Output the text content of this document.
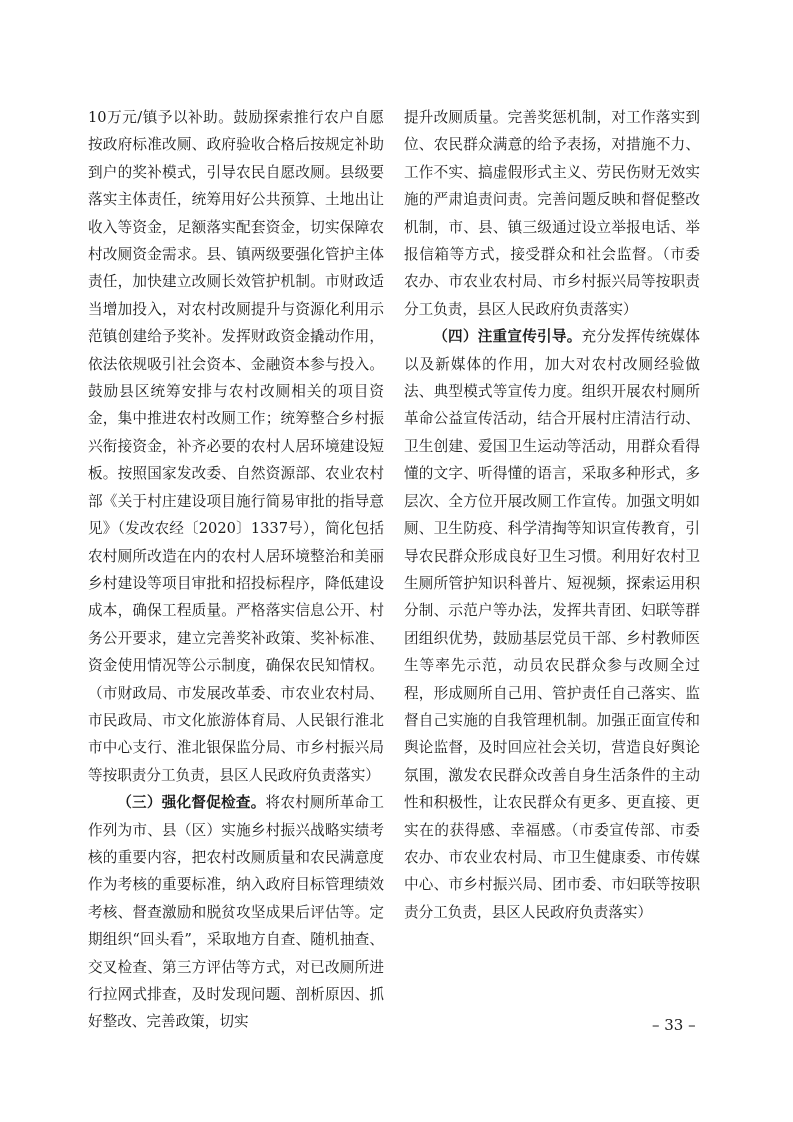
10万元/镇予以补助。鼓励探索推行农户自愿按政府标准改厕、政府验收合格后按规定补助到户的奖补模式，引导农民自愿改厕。县级要落实主体责任，统筹用好公共预算、土地出让收入等资金，足额落实配套资金，切实保障农村改厕资金需求。县、镇两级要强化管护主体责任，加快建立改厕长效管护机制。市财政适当增加投入，对农村改厕提升与资源化利用示范镇创建给予奖补。发挥财政资金撬动作用，依法依规吸引社会资本、金融资本参与投入。鼓励县区统筹安排与农村改厕相关的项目资金，集中推进农村改厕工作；统筹整合乡村振兴衔接资金，补齐必要的农村人居环境建设短板。按照国家发改委、自然资源部、农业农村部《关于村庄建设项目施行简易审批的指导意见》（发改农经〔2020〕1337号），简化包括农村厕所改造在内的农村人居环境整治和美丽乡村建设等项目审批和招投标程序，降低建设成本，确保工程质量。严格落实信息公开、村务公开要求，建立完善奖补政策、奖补标准、资金使用情况等公示制度，确保农民知情权。（市财政局、市发展改革委、市农业农村局、市民政局、市文化旅游体育局、人民银行淮北市中心支行、淮北银保监分局、市乡村振兴局等按职责分工负责，县区人民政府负责落实）

（三）强化督促检查。将农村厕所革命工作列为市、县（区）实施乡村振兴战略实绩考核的重要内容，把农村改厕质量和农民满意度作为考核的重要标准，纳入政府目标管理绩效考核、督查激励和脱贫攻坚成果后评估等。定期组织“回头看”，采取地方自查、随机抽查、交叉检查、第三方评估等方式，对已改厕所进行拉网式排查，及时发现问题、剖析原因、抓好整改、完善政策，切实

提升改厕质量。完善奖惩机制，对工作落实到位、农民群众满意的给予表扬，对措施不力、工作不实、搞虚假形式主义、劳民伤财无效实施的严肃追责问责。完善问题反映和督促整改机制，市、县、镇三级通过设立举报电话、举报信箱等方式，接受群众和社会监督。（市委农办、市农业农村局、市乡村振兴局等按职责分工负责，县区人民政府负责落实）

（四）注重宣传引导。充分发挥传统媒体以及新媒体的作用，加大对农村改厕经验做法、典型模式等宣传力度。组织开展农村厕所革命公益宣传活动，结合开展村庄清洁行动、卫生创建、爱国卫生运动等活动，用群众看得懂的文字、听得懂的语言，采取多种形式，多层次、全方位开展改厕工作宣传。加强文明如厕、卫生防疫、科学清掏等知识宣传教育，引导农民群众形成良好卫生习惯。利用好农村卫生厕所管护知识科普片、短视频，探索运用积分制、示范户等办法，发挥共青团、妇联等群团组织优势，鼓励基层党员干部、乡村教师医生等率先示范，动员农民群众参与改厕全过程，形成厕所自己用、管护责任自己落实、监督自己实施的自我管理机制。加强正面宣传和舆论监督，及时回应社会关切，营造良好舆论氛围，激发农民群众改善自身生活条件的主动性和积极性，让农民群众有更多、更直接、更实在的获得感、幸福感。（市委宣传部、市委农办、市农业农村局、市卫生健康委、市传媒中心、市乡村振兴局、团市委、市妇联等按职责分工负责，县区人民政府负责落实）

– 33 –
